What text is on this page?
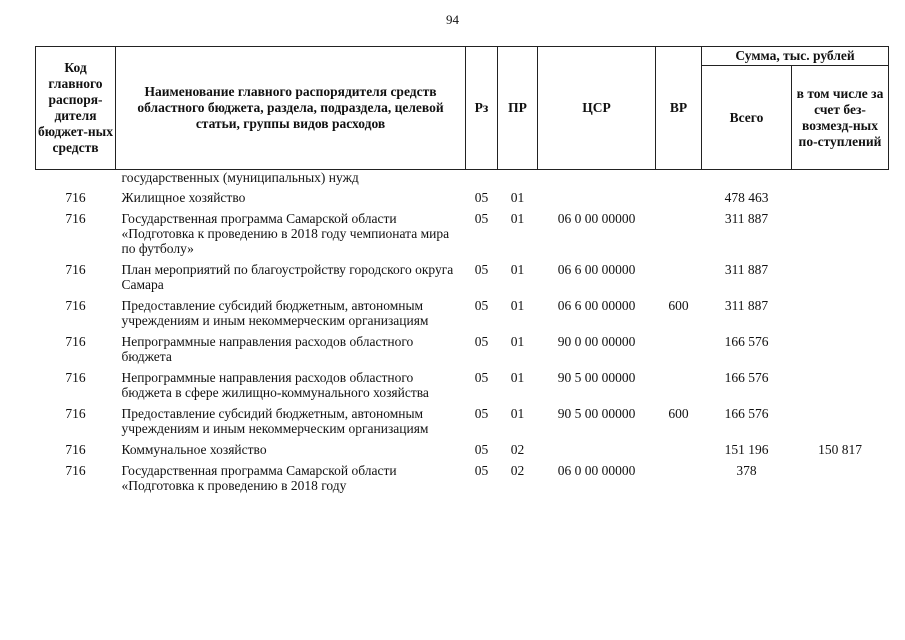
94
Код главного распоря-дителя бюджет-ных средств	Наименование главного распорядителя средств областного бюджета, раздела, подраздела, целевой статьи, группы видов расходов	Рз	ПР	ЦСР	ВР	Сумма, тыс. рублей	
						Всего	в том числе за счет без-возмезд-ных по-ступлений
	государственных (муниципальных) нужд						
716	Жилищное хозяйство	05	01			478 463	
716	Государственная программа Самарской области «Подготовка к проведению в 2018 году чемпионата мира по футболу»	05	01	06 0 00 00000		311 887	
716	План мероприятий по благоустройству городского округа Самара	05	01	06 6 00 00000		311 887	
716	Предоставление субсидий бюджетным, автономным учреждениям и иным некоммерческим организациям	05	01	06 6 00 00000	600	311 887	
716	Непрограммные направления расходов областного бюджета	05	01	90 0 00 00000		166 576	
716	Непрограммные направления расходов областного бюджета в сфере жилищно-коммунального хозяйства	05	01	90 5 00 00000		166 576	
716	Предоставление субсидий бюджетным, автономным учреждениям и иным некоммерческим организациям	05	01	90 5 00 00000	600	166 576	
716	Коммунальное хозяйство	05	02			151 196	150 817
716	Государственная программа Самарской области «Подготовка к проведению в 2018 году	05	02	06 0 00 00000		378	
